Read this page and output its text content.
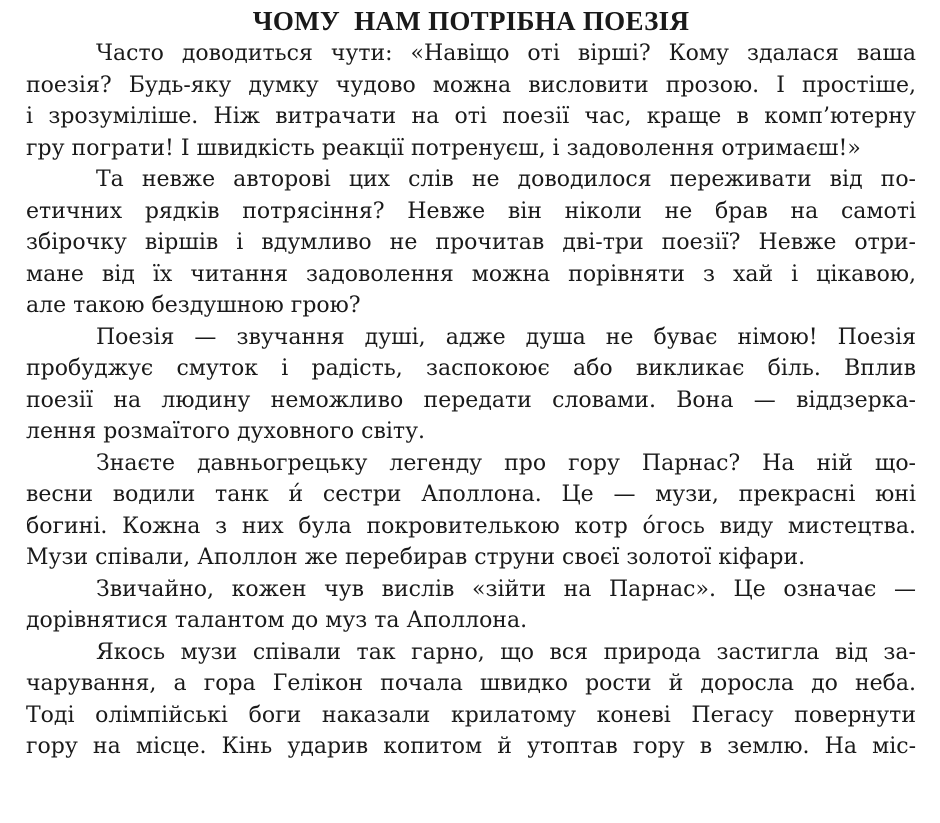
ЧОМУ  НАМ ПОТРІБНА ПОЕЗІЯ
Часто доводиться чути: «Навіщо оті вірші? Кому здалася ваша
поезія? Будь-яку думку чудово можна висловити прозою. І простіше,
і зрозуміліше. Ніж витрачати на оті поезії час, краще в комп’ютерну
гру пограти! І швидкість реакції потренуєш, і задоволення отримаєш!»
Та невже авторові цих слів не доводилося переживати від по-
етичних рядків потрясіння? Невже він ніколи не брав на самоті
збірочку віршів і вдумливо не прочитав дві-три поезії? Невже отри-
мане від їх читання задоволення можна порівняти з хай і цікавою,
але такою бездушною грою?
Поезія — звучання душі, адже душа не буває німою! Поезія
пробуджує смуток і радість, заспокоює або викликає біль. Вплив
поезії на людину неможливо передати словами. Вона — віддзерка-
лення розмаїтого духовного світу.
Знаєте давньогрецьку легенду про гору Парнас? На ній що-
весни водили танк и́ сестри Аполлона. Це — музи, прекрасні юні
богині. Кожна з них була покровителькою котр о́гось виду мистецтва.
Музи співали, Аполлон же перебирав струни своєї золотої кіфари.
Звичайно, кожен чув вислів «зійти на Парнас». Це означає —
дорівнятися талантом до муз та Аполлона.
Якось музи співали так гарно, що вся природа застигла від за-
чарування, а гора Гелікон почала швидко рости й доросла до неба.
Тоді олімпійські боги наказали крилатому коневі Пегасу повернути
гору на місце. Кінь ударив копитом й утоптав гору в землю. На міс-
